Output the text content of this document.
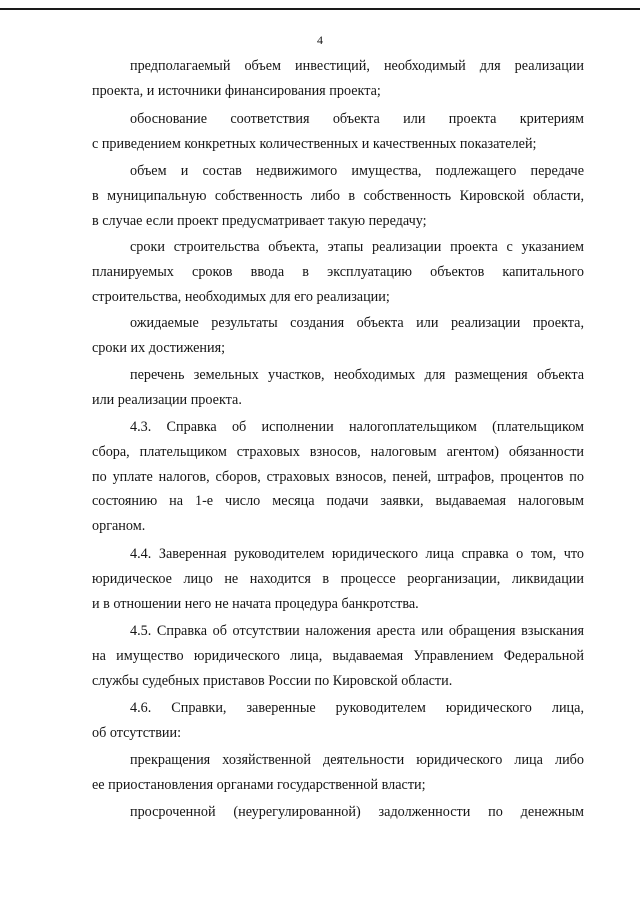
4
предполагаемый объем инвестиций, необходимый для реализации
проекта, и источники финансирования проекта;
обоснование соответствия объекта или проекта критериям
с приведением конкретных количественных и качественных показателей;
объем и состав недвижимого имущества, подлежащего передаче
в муниципальную собственность либо в собственность Кировской области,
в случае если проект предусматривает такую передачу;
сроки строительства объекта, этапы реализации проекта с указанием
планируемых сроков ввода в эксплуатацию объектов капитального
строительства, необходимых для его реализации;
ожидаемые результаты создания объекта или реализации проекта,
сроки их достижения;
перечень земельных участков, необходимых для размещения объекта
или реализации проекта.
4.3. Справка об исполнении налогоплательщиком (плательщиком
сбора, плательщиком страховых взносов, налоговым агентом) обязанности
по уплате налогов, сборов, страховых взносов, пеней, штрафов, процентов по
состоянию на 1-е число месяца подачи заявки, выдаваемая налоговым
органом.
4.4. Заверенная руководителем юридического лица справка о том, что
юридическое лицо не находится в процессе реорганизации, ликвидации
и в отношении него не начата процедура банкротства.
4.5. Справка об отсутствии наложения ареста или обращения взыскания
на имущество юридического лица, выдаваемая Управлением Федеральной
службы судебных приставов России по Кировской области.
4.6. Справки, заверенные руководителем юридического лица,
об отсутствии:
прекращения хозяйственной деятельности юридического лица либо
ее приостановления органами государственной власти;
просроченной (неурегулированной) задолженности по денежным
